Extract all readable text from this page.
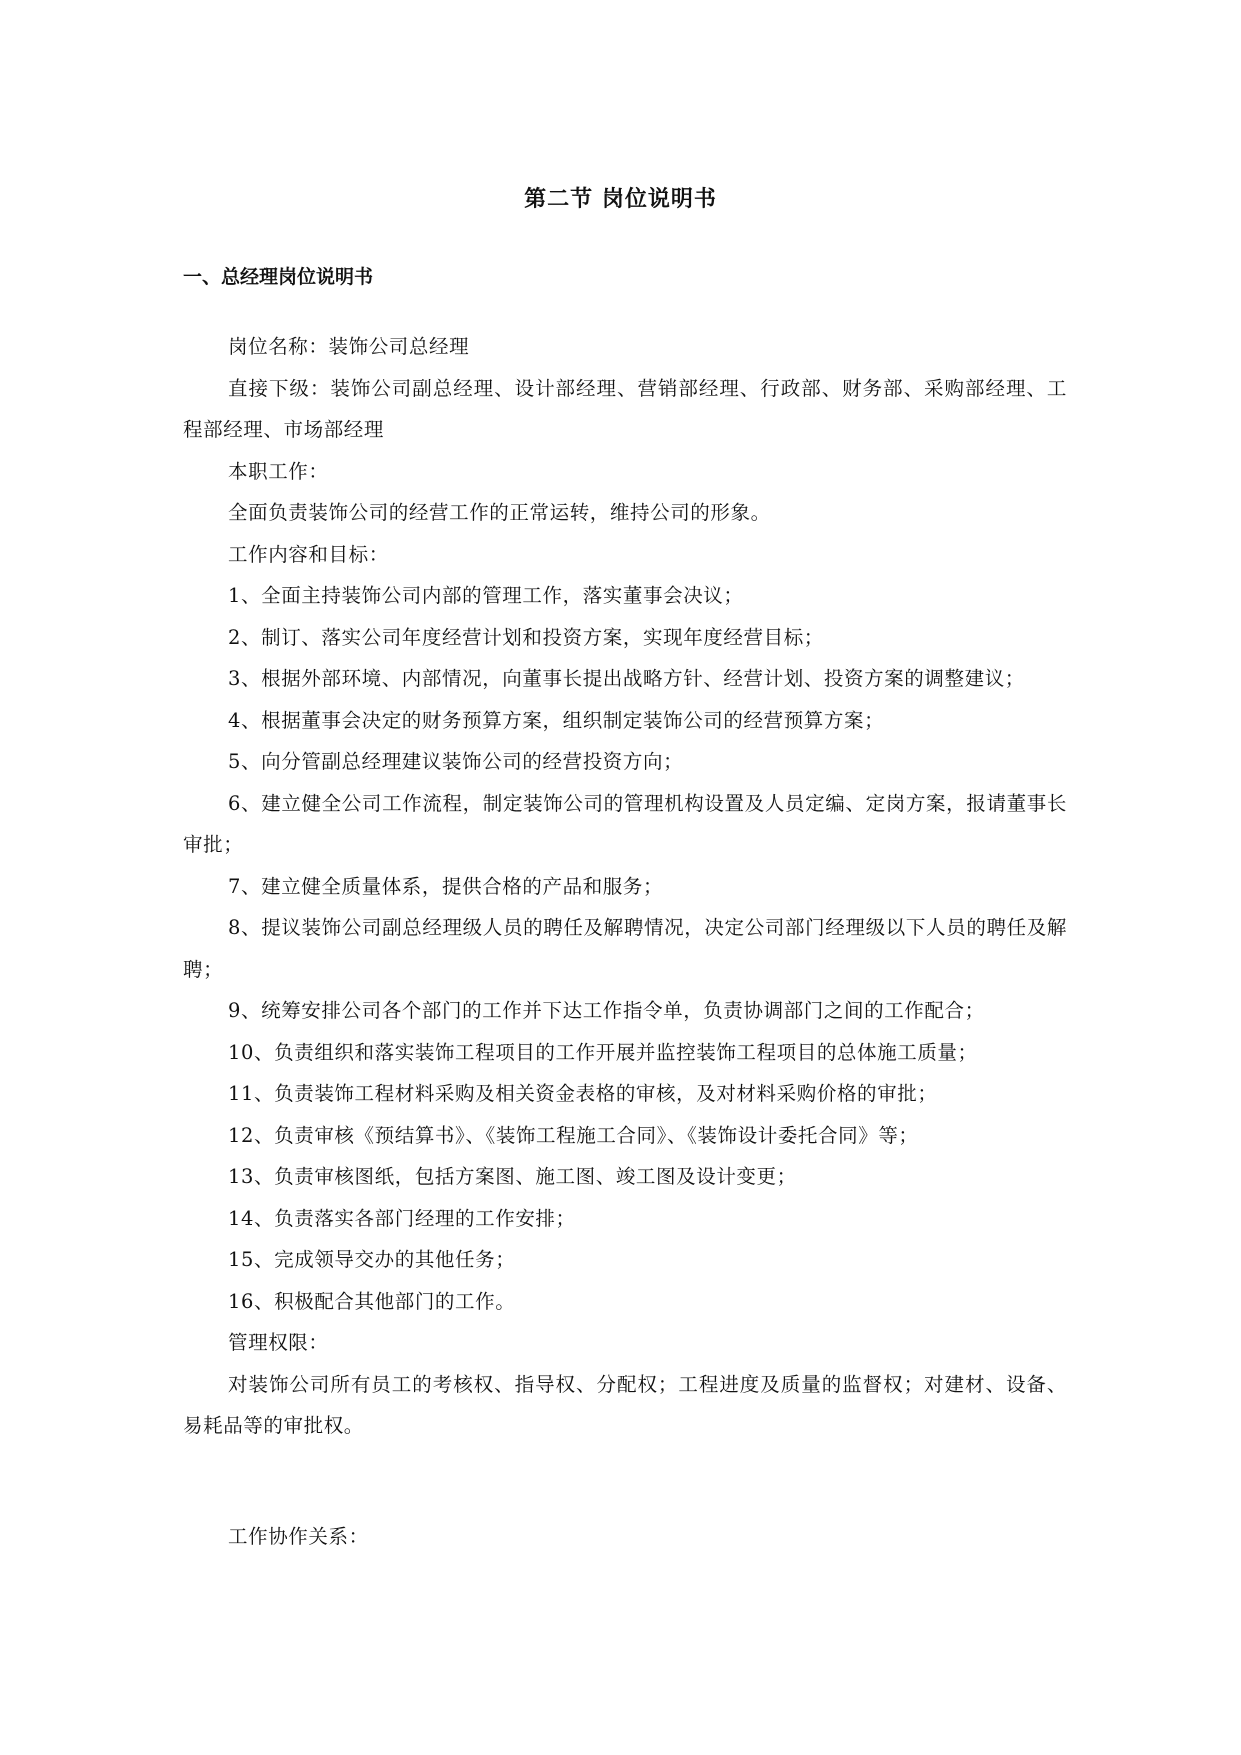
第二节 岗位说明书
一、总经理岗位说明书

岗位名称：装饰公司总经理

直接下级：装饰公司副总经理、设计部经理、营销部经理、行政部、财务部、采购部经理、工程部经理、市场部经理

本职工作：

全面负责装饰公司的经营工作的正常运转，维持公司的形象。

工作内容和目标：

1、全面主持装饰公司内部的管理工作，落实董事会决议；

2、制订、落实公司年度经营计划和投资方案，实现年度经营目标；

3、根据外部环境、内部情况，向董事长提出战略方针、经营计划、投资方案的调整建议；

4、根据董事会决定的财务预算方案，组织制定装饰公司的经营预算方案；

5、向分管副总经理建议装饰公司的经营投资方向；

6、建立健全公司工作流程，制定装饰公司的管理机构设置及人员定编、定岗方案，报请董事长审批；

7、建立健全质量体系，提供合格的产品和服务；

8、提议装饰公司副总经理级人员的聘任及解聘情况，决定公司部门经理级以下人员的聘任及解聘；

9、统筹安排公司各个部门的工作并下达工作指令单，负责协调部门之间的工作配合；

10、负责组织和落实装饰工程项目的工作开展并监控装饰工程项目的总体施工质量；

11、负责装饰工程材料采购及相关资金表格的审核，及对材料采购价格的审批；

12、负责审核《预结算书》、《装饰工程施工合同》、《装饰设计委托合同》等；

13、负责审核图纸，包括方案图、施工图、竣工图及设计变更；

14、负责落实各部门经理的工作安排；

15、完成领导交办的其他任务；

16、积极配合其他部门的工作。

管理权限：

对装饰公司所有员工的考核权、指导权、分配权；工程进度及质量的监督权；对建材、设备、易耗品等的审批权。

工作协作关系：
